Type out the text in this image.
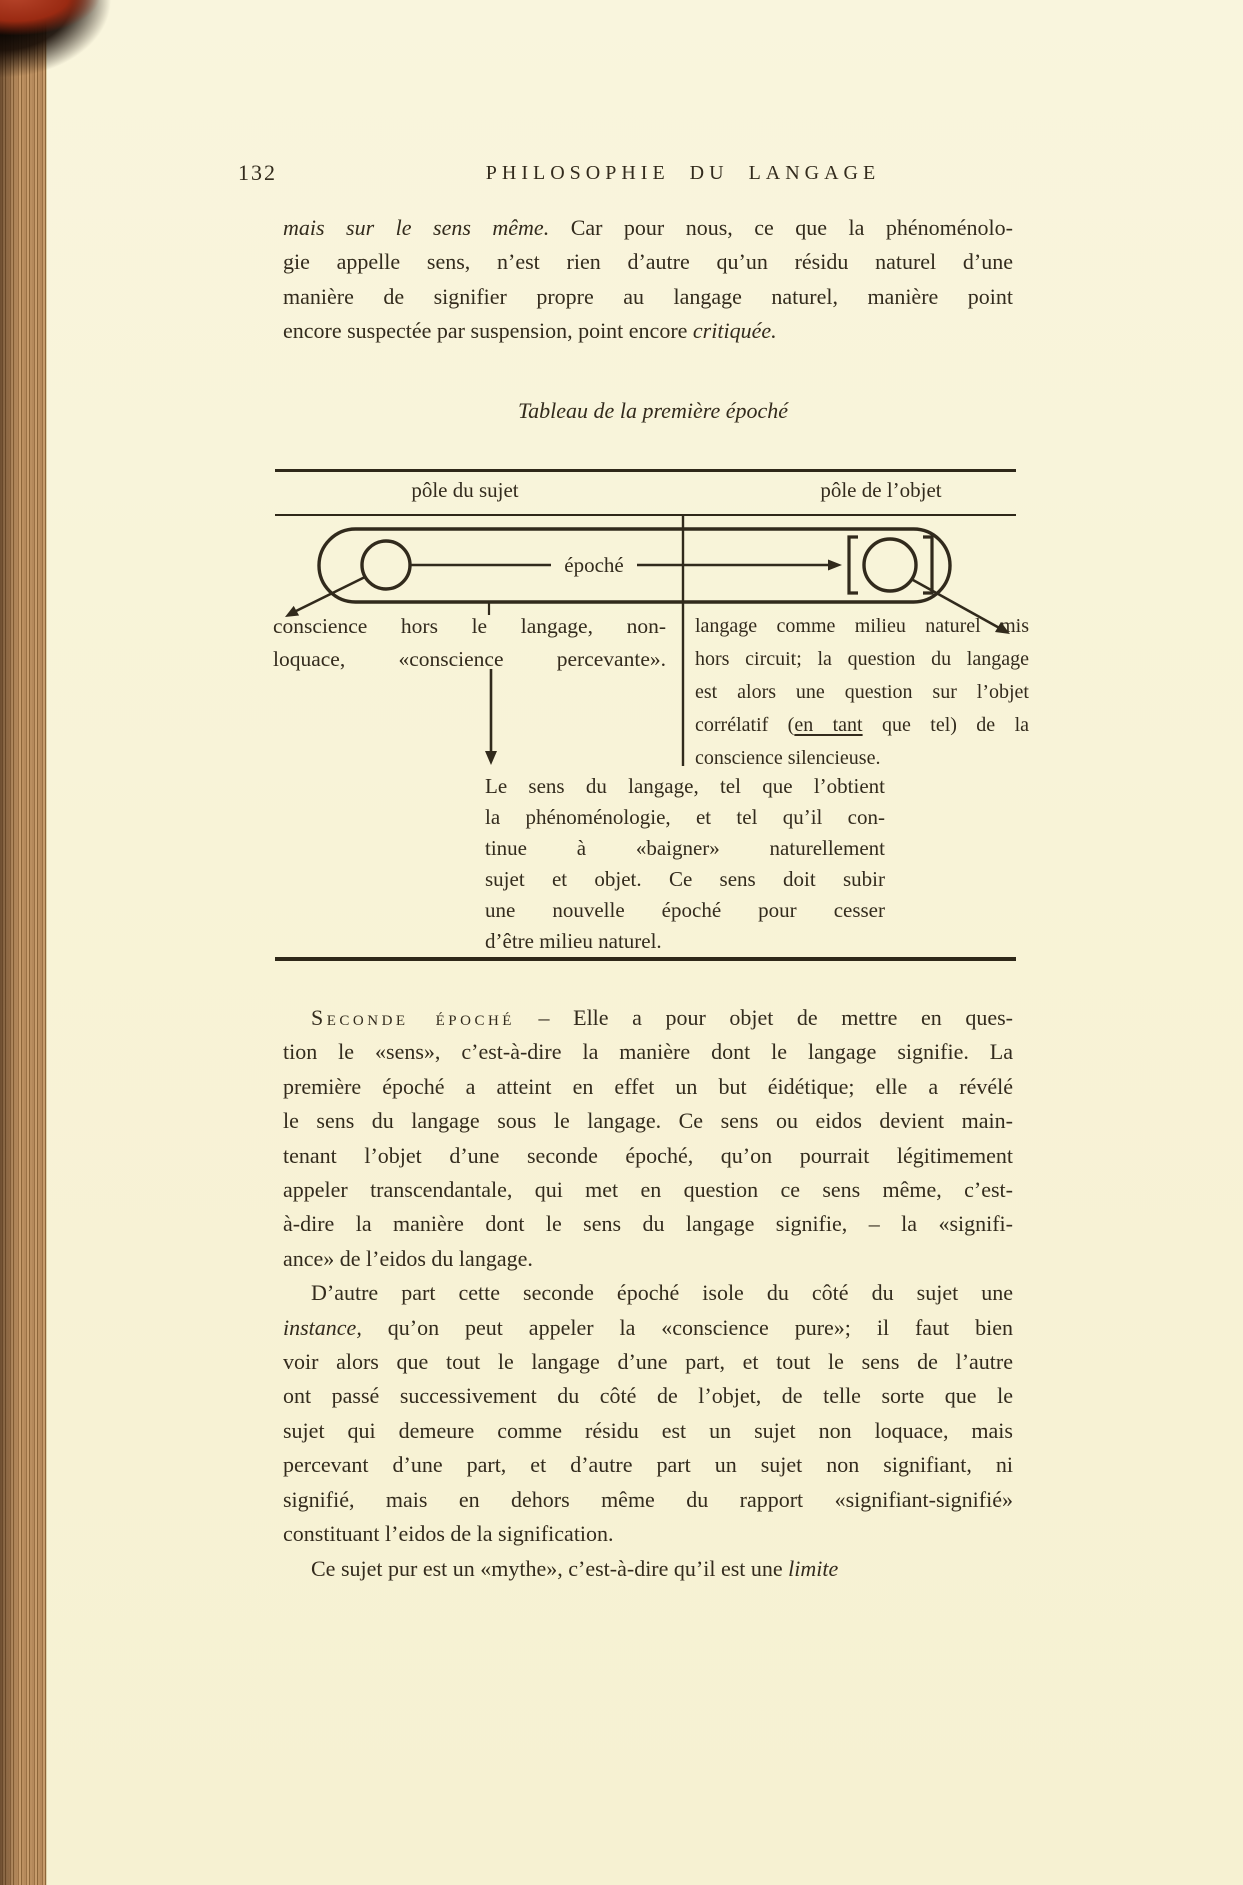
132	PHILOSOPHIE DU LANGAGE
mais sur le sens même. Car pour nous, ce que la phénoménolo-
gie appelle sens, n’est rien d’autre qu’un résidu naturel d’une
manière de signifier propre au langage naturel, manière point
encore suspectée par suspension, point encore critiquée.
Tableau de la première époché
pôle du sujet	pôle de l’objet
époché
conscience hors le langage, non-
loquace, «conscience percevante».
langage comme milieu naturel mis
hors circuit; la question du langage
est alors une question sur l’objet
corrélatif (en tant que tel) de la
conscience silencieuse.
Le sens du langage, tel que l’obtient
la phénoménologie, et tel qu’il con-
tinue à «baigner» naturellement
sujet et objet. Ce sens doit subir
une nouvelle époché pour cesser
d’être milieu naturel.
Seconde époché – Elle a pour objet de mettre en ques-
tion le «sens», c’est-à-dire la manière dont le langage signifie. La
première époché a atteint en effet un but éidétique; elle a révélé
le sens du langage sous le langage. Ce sens ou eidos devient main-
tenant l’objet d’une seconde époché, qu’on pourrait légitimement
appeler transcendantale, qui met en question ce sens même, c’est-
à-dire la manière dont le sens du langage signifie, – la «signifi-
ance» de l’eidos du langage.
D’autre part cette seconde époché isole du côté du sujet une
instance, qu’on peut appeler la «conscience pure»; il faut bien
voir alors que tout le langage d’une part, et tout le sens de l’autre
ont passé successivement du côté de l’objet, de telle sorte que le
sujet qui demeure comme résidu est un sujet non loquace, mais
percevant d’une part, et d’autre part un sujet non signifiant, ni
signifié, mais en dehors même du rapport «signifiant-signifié»
constituant l’eidos de la signification.
Ce sujet pur est un «mythe», c’est-à-dire qu’il est une limite
